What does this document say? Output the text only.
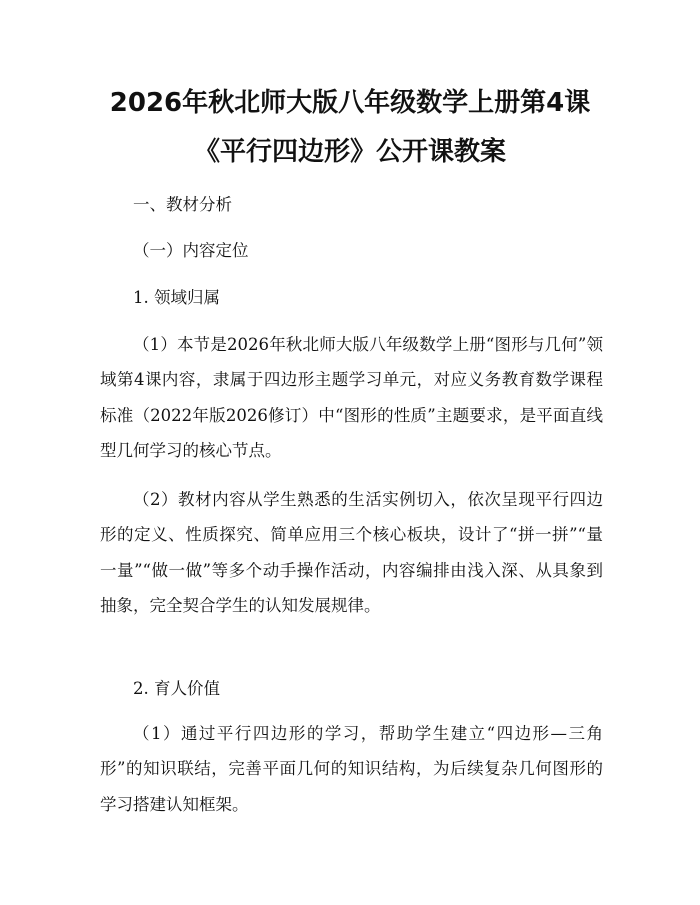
2026年秋北师大版八年级数学上册第4课
《平行四边形》公开课教案

一、教材分析

（一）内容定位

1. 领域归属

（1）本节是2026年秋北师大版八年级数学上册“图形与几何”领域第4课内容，隶属于四边形主题学习单元，对应义务教育数学课程标准（2022年版2026修订）中“图形的性质”主题要求，是平面直线型几何学习的核心节点。

（2）教材内容从学生熟悉的生活实例切入，依次呈现平行四边形的定义、性质探究、简单应用三个核心板块，设计了“拼一拼”“量一量”“做一做”等多个动手操作活动，内容编排由浅入深、从具象到抽象，完全契合学生的认知发展规律。

2. 育人价值

（1）通过平行四边形的学习，帮助学生建立“四边形—三角形”的知识联结，完善平面几何的知识结构，为后续复杂几何图形的学习搭建认知框架。
